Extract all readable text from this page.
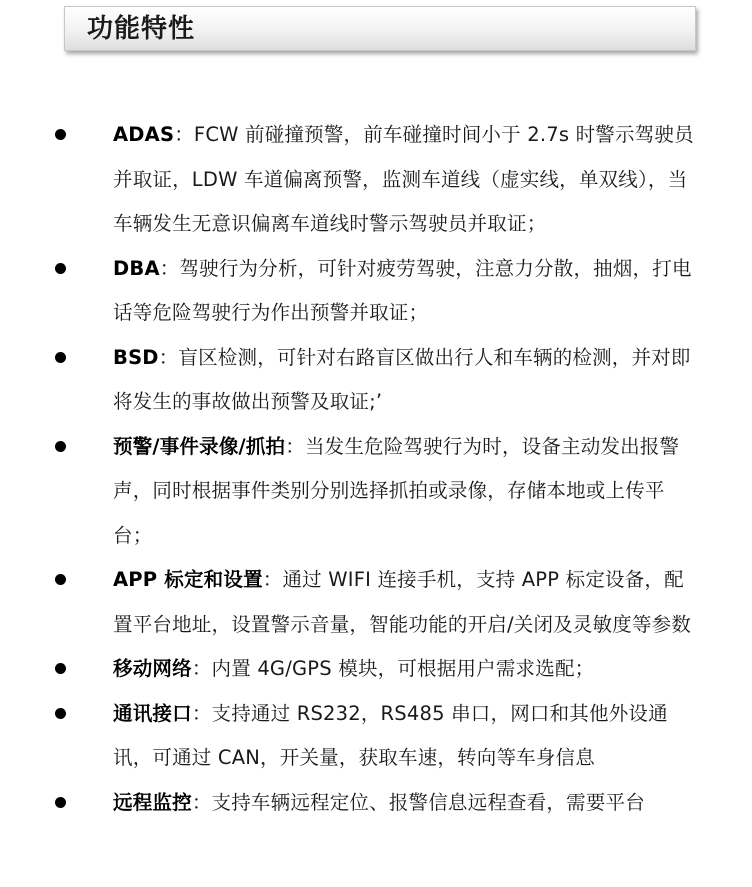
功能特性
ADAS：FCW 前碰撞预警，前车碰撞时间小于 2.7s 时警示驾驶员并取证，LDW 车道偏离预警，监测车道线（虚实线，单双线），当车辆发生无意识偏离车道线时警示驾驶员并取证；
DBA：驾驶行为分析，可针对疲劳驾驶，注意力分散，抽烟，打电话等危险驾驶行为作出预警并取证；
BSD：盲区检测，可针对右路盲区做出行人和车辆的检测，并对即将发生的事故做出预警及取证;’
预警/事件录像/抓拍：当发生危险驾驶行为时，设备主动发出报警声，同时根据事件类别分别选择抓拍或录像，存储本地或上传平台；
APP 标定和设置：通过 WIFI 连接手机，支持 APP 标定设备，配置平台地址，设置警示音量，智能功能的开启/关闭及灵敏度等参数
移动网络：内置 4G/GPS 模块，可根据用户需求选配；
通讯接口：支持通过 RS232，RS485 串口，网口和其他外设通讯，可通过 CAN，开关量，获取车速，转向等车身信息
远程监控：支持车辆远程定位、报警信息远程查看，需要平台
